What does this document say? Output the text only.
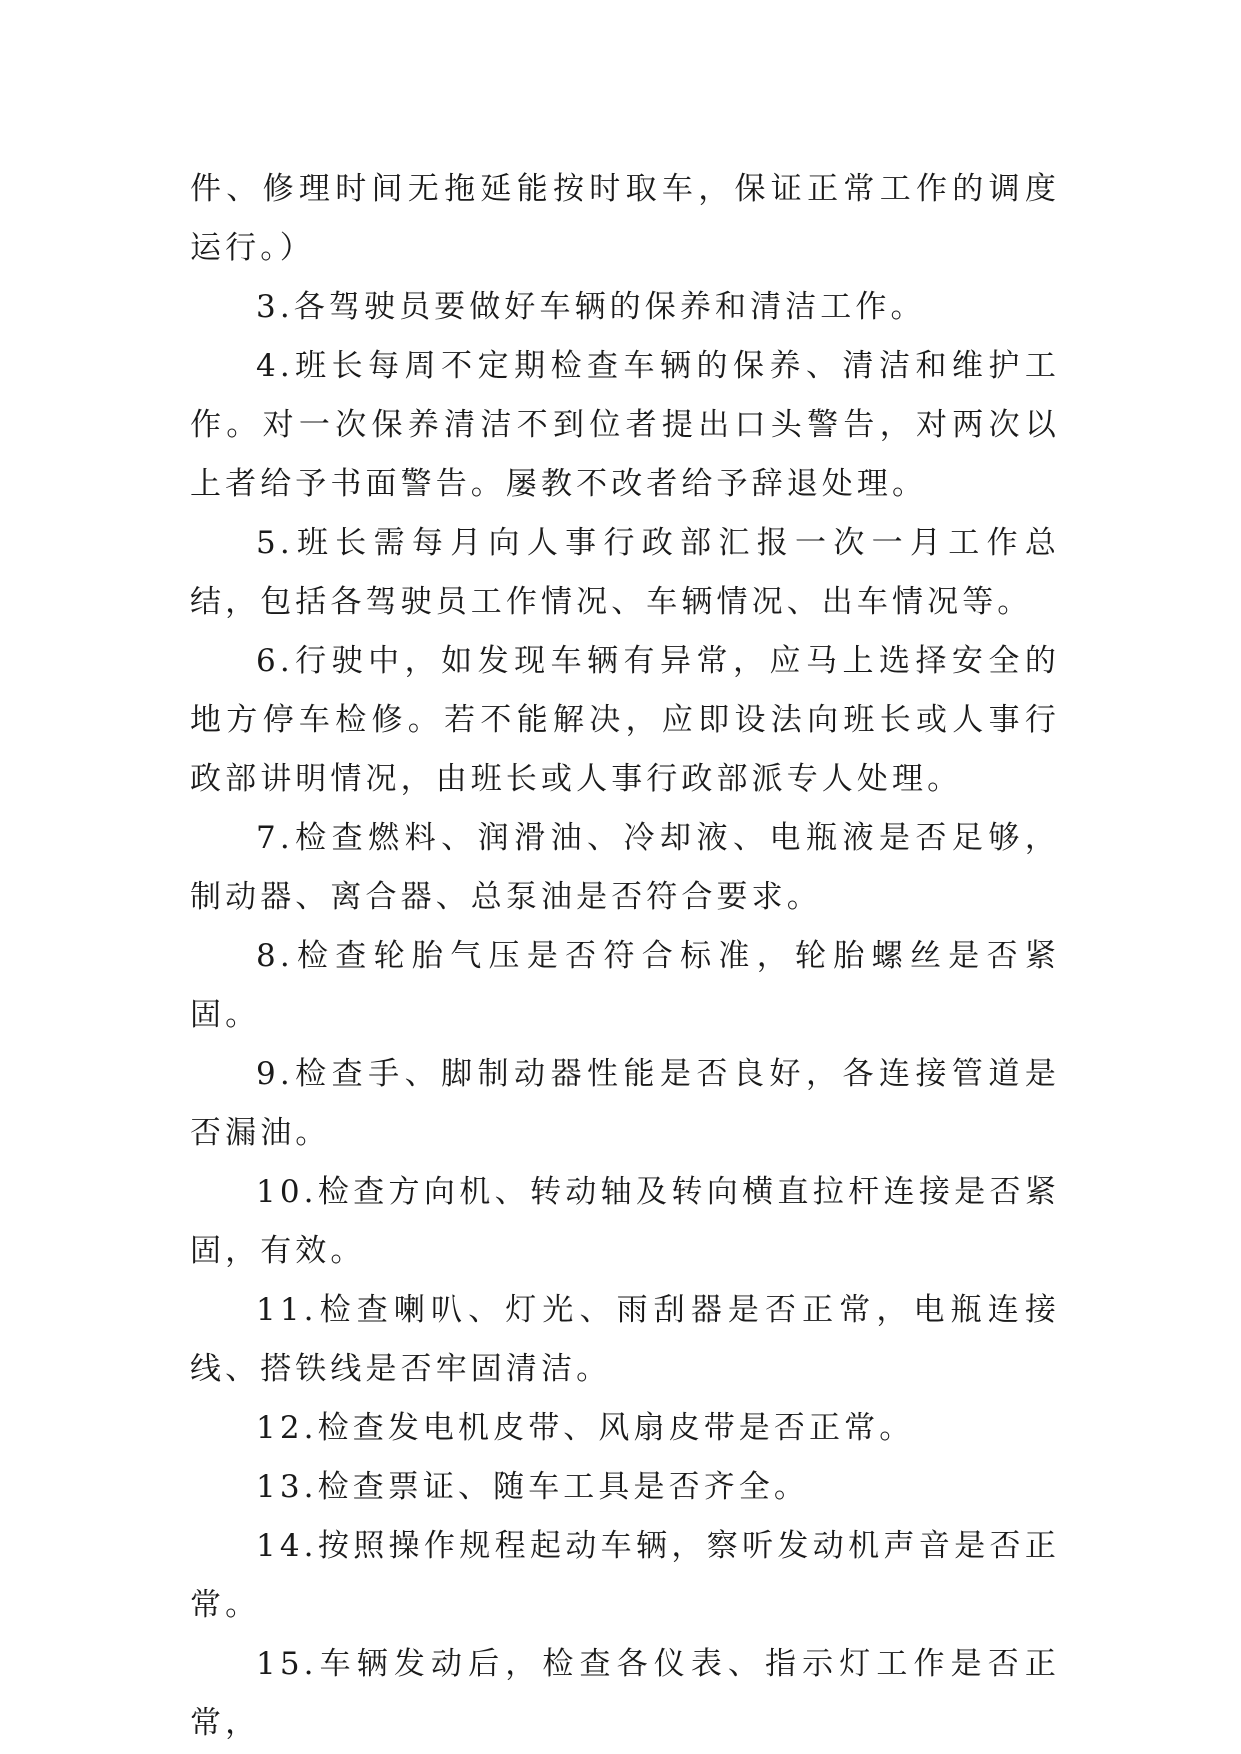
件、修理时间无拖延能按时取车，保证正常工作的调度运行。）

3.各驾驶员要做好车辆的保养和清洁工作。

4.班长每周不定期检查车辆的保养、清洁和维护工作。对一次保养清洁不到位者提出口头警告，对两次以上者给予书面警告。屡教不改者给予辞退处理。

5.班长需每月向人事行政部汇报一次一月工作总结，包括各驾驶员工作情况、车辆情况、出车情况等。

6.行驶中，如发现车辆有异常，应马上选择安全的地方停车检修。若不能解决，应即设法向班长或人事行政部讲明情况，由班长或人事行政部派专人处理。

7.检查燃料、润滑油、冷却液、电瓶液是否足够，制动器、离合器、总泵油是否符合要求。

8.检查轮胎气压是否符合标准，轮胎螺丝是否紧固。

9.检查手、脚制动器性能是否良好，各连接管道是否漏油。

10.检查方向机、转动轴及转向横直拉杆连接是否紧固，有效。

11.检查喇叭、灯光、雨刮器是否正常，电瓶连接线、搭铁线是否牢固清洁。

12.检查发电机皮带、风扇皮带是否正常。

13.检查票证、随车工具是否齐全。

14.按照操作规程起动车辆，察听发动机声音是否正常。

15.车辆发动后，检查各仪表、指示灯工作是否正常，
